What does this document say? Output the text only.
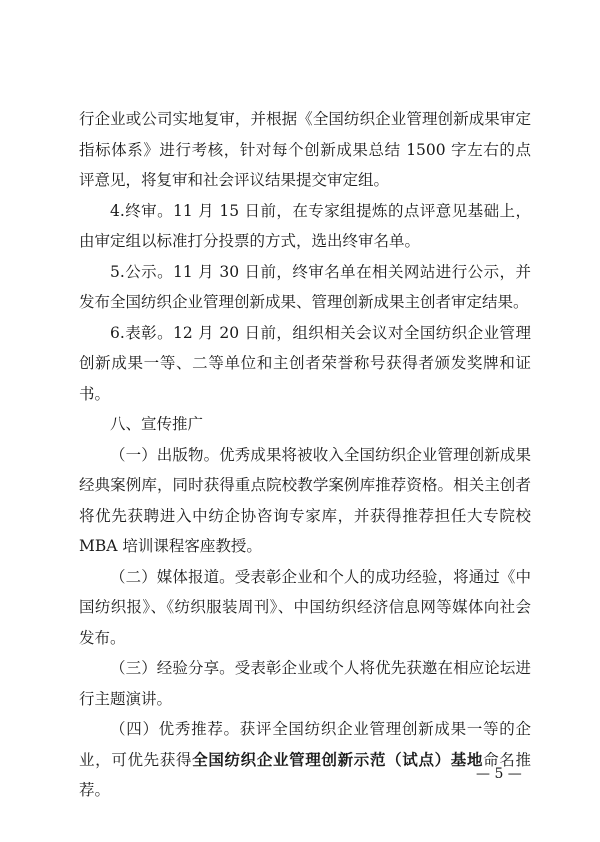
行企业或公司实地复审，并根据《全国纺织企业管理创新成果审定指标体系》进行考核，针对每个创新成果总结 1500 字左右的点评意见，将复审和社会评议结果提交审定组。

4.终审。11 月 15 日前，在专家组提炼的点评意见基础上，由审定组以标准打分投票的方式，选出终审名单。

5.公示。11 月 30 日前，终审名单在相关网站进行公示，并发布全国纺织企业管理创新成果、管理创新成果主创者审定结果。

6.表彰。12 月 20 日前，组织相关会议对全国纺织企业管理创新成果一等、二等单位和主创者荣誉称号获得者颁发奖牌和证书。

八、宣传推广

（一）出版物。优秀成果将被收入全国纺织企业管理创新成果经典案例库，同时获得重点院校教学案例库推荐资格。相关主创者将优先获聘进入中纺企协咨询专家库，并获得推荐担任大专院校 MBA 培训课程客座教授。

（二）媒体报道。受表彰企业和个人的成功经验，将通过《中国纺织报》、《纺织服装周刊》、中国纺织经济信息网等媒体向社会发布。

（三）经验分享。受表彰企业或个人将优先获邀在相应论坛进行主题演讲。

（四）优秀推荐。获评全国纺织企业管理创新成果一等的企业，可优先获得全国纺织企业管理创新示范（试点）基地命名推荐。

— 5 —
